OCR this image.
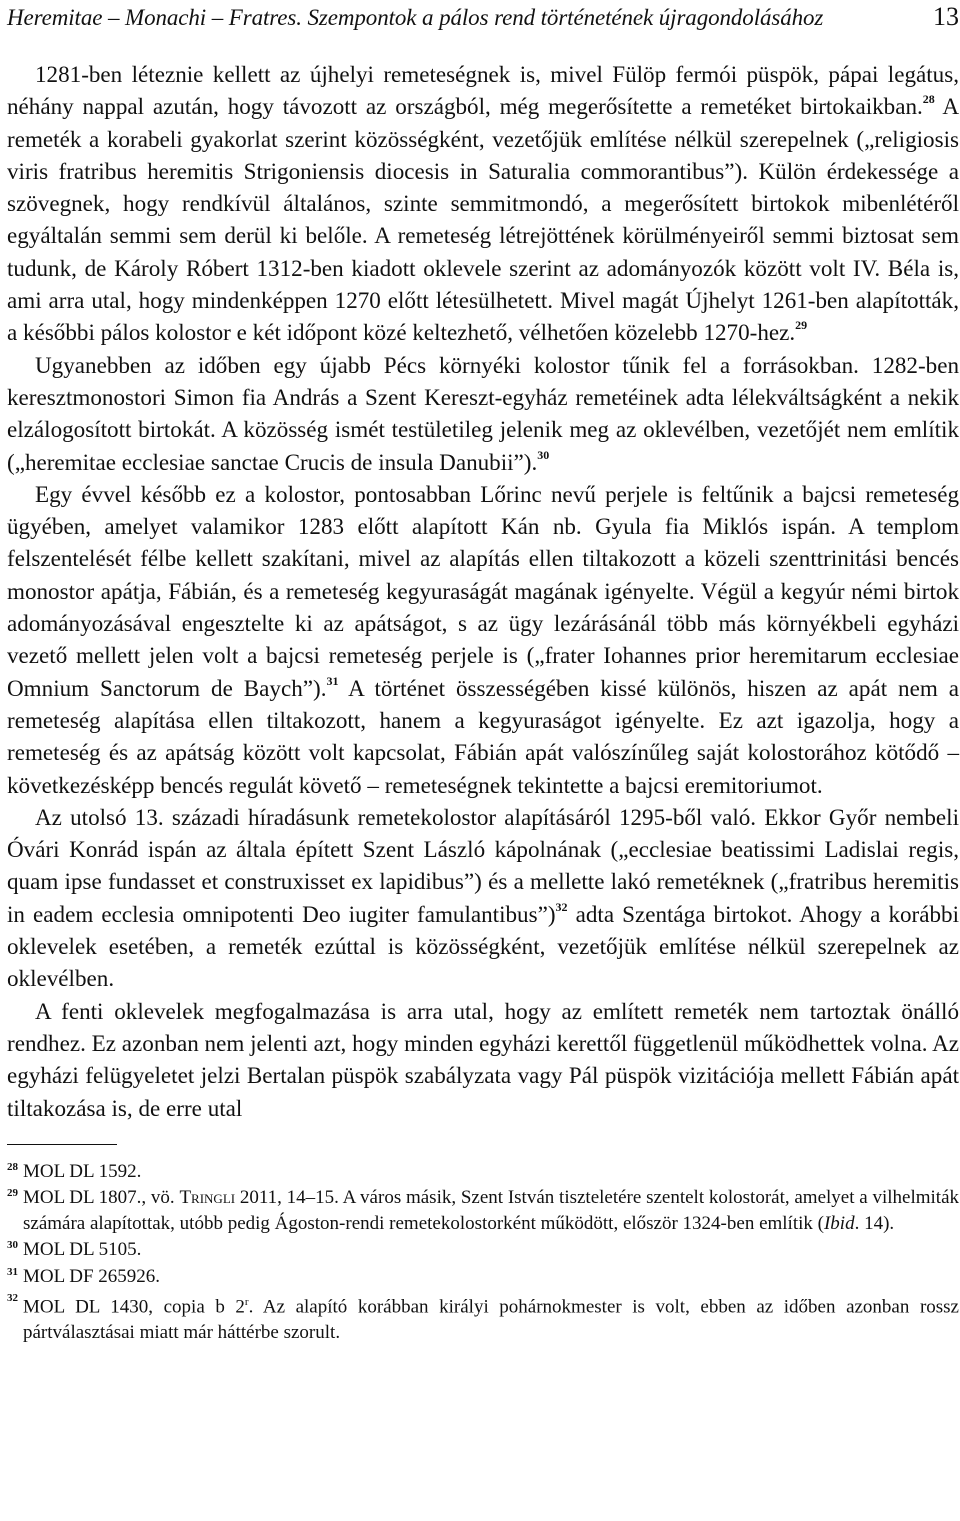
Heremitae – Monachi – Fratres. Szempontok a pálos rend történetének újragondolásához	13

1281-ben léteznie kellett az újhelyi remeteségnek is, mivel Fülöp fermói püspök, pápai legátus, néhány nappal azután, hogy távozott az országból, még megerősítette a remetéket birtokaikban.$^{28}$ A remeték a korabeli gyakorlat szerint közösségként, vezetőjük említése nélkül szerepelnek („religiosis viris fratribus heremitis Strigoniensis diocesis in Saturalia commorantibus”). Külön érdekessége a szövegnek, hogy rendkívül általános, szinte semmitmondó, a megerősített birtokok mibenlétéről egyáltalán semmi sem derül ki belőle. A remeteség létrejöttének körülményeiről semmi biztosat sem tudunk, de Károly Róbert 1312-ben kiadott oklevele szerint az adományozók között volt IV. Béla is, ami arra utal, hogy mindenképpen 1270 előtt létesülhetett. Mivel magát Újhelyt 1261-ben alapították, a későbbi pálos kolostor e két időpont közé keltezhető, vélhetően közelebb 1270-hez.$^{29}$

Ugyanebben az időben egy újabb Pécs környéki kolostor tűnik fel a forrásokban. 1282-ben keresztmonostori Simon fia András a Szent Kereszt-egyház remetéinek adta lélekváltságként a nekik elzálogosított birtokát. A közösség ismét testületileg jelenik meg az oklevélben, vezetőjét nem említik („heremitae ecclesiae sanctae Crucis de insula Danubii”).$^{30}$

Egy évvel később ez a kolostor, pontosabban Lőrinc nevű perjele is feltűnik a bajcsi remeteség ügyében, amelyet valamikor 1283 előtt alapított Kán nb. Gyula fia Miklós ispán. A templom felszentelését félbe kellett szakítani, mivel az alapítás ellen tiltakozott a közeli szenttrinitási bencés monostor apátja, Fábián, és a remeteség kegyuraságát magának igényelte. Végül a kegyúr némi birtok adományozásával engesztelte ki az apátságot, s az ügy lezárásánál több más környékbeli egyházi vezető mellett jelen volt a bajcsi remeteség perjele is („frater Iohannes prior heremitarum ecclesiae Omnium Sanctorum de Baych”).$^{31}$ A történet összességében kissé különös, hiszen az apát nem a remeteség alapítása ellen tiltakozott, hanem a kegyuraságot igényelte. Ez azt igazolja, hogy a remeteség és az apátság között volt kapcsolat, Fábián apát valószínűleg saját kolostorához kötődő – következésképp bencés regulát követő – remeteségnek tekintette a bajcsi eremitoriumot.

Az utolsó 13. századi híradásunk remetekolostor alapításáról 1295-ből való. Ekkor Győr nembeli Óvári Konrád ispán az általa épített Szent László kápolnának („ecclesiae beatissimi Ladislai regis, quam ipse fundasset et construxisset ex lapidibus”) és a mellette lakó remetéknek („fratribus heremitis in eadem ecclesia omnipotenti Deo iugiter famulantibus”)$^{32}$ adta Szentága birtokot. Ahogy a korábbi oklevelek esetében, a remeték ezúttal is közösségként, vezetőjük említése nélkül szerepelnek az oklevélben.

A fenti oklevelek megfogalmazása is arra utal, hogy az említett remeték nem tartoztak önálló rendhez. Ez azonban nem jelenti azt, hogy minden egyházi kerettől függetlenül működhettek volna. Az egyházi felügyeletet jelzi Bertalan püspök szabályzata vagy Pál püspök vizitációja mellett Fábián apát tiltakozása is, de erre utal

28 MOL DL 1592.
29 MOL DL 1807., vö. Tringli 2011, 14–15. A város másik, Szent István tiszteletére szentelt kolostorát, amelyet a vilhelmiták számára alapítottak, utóbb pedig Ágoston-rendi remetekolostorként működött, először 1324-ben említik (Ibid. 14).
30 MOL DL 5105.
31 MOL DF 265926.
32 MOL DL 1430, copia b 2$^r$. Az alapító korábban királyi pohárnokmester is volt, ebben az időben azonban rossz pártválasztásai miatt már háttérbe szorult.
